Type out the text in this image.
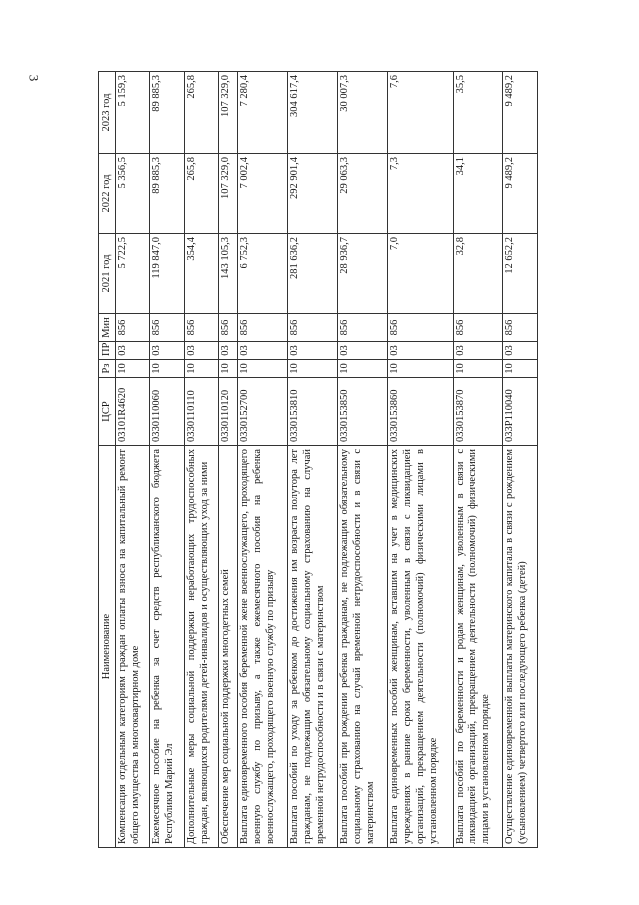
3
Наименование	ЦСР	Рз	ПР	Мин	2021 год	2022 год	2023 год
Компенсация отдельным категориям граждан оплаты взноса на капитальный ремонт общего имущества в многоквартирном доме	03101R4620	10	03	856	5 722,5	5 356,5	5 159,3
Ежемесячное пособие на ребенка за счет средств республиканского бюджета Республики Марий Эл	0330110060	10	03	856	119 847,0	89 885,3	89 885,3
Дополнительные меры социальной поддержки неработающих трудоспособных граждан, являющихся родителями детей-инвалидов и осуществляющих уход за ними	0330110110	10	03	856	354,4	265,8	265,8
Обеспечение мер социальной поддержки многодетных семей	0330110120	10	03	856	143 105,3	107 329,0	107 329,0
Выплата единовременного пособия беременной жене военнослужащего, проходящего военную службу по призыву, а также ежемесячного пособия на ребенка военнослужащего, проходящего военную службу по призыву	0330152700	10	03	856	6 752,3	7 002,4	7 280,4
Выплата пособий по уходу за ребенком до достижения им возраста полутора лет гражданам, не подлежащим обязательному социальному страхованию на случай временной нетрудоспособности и в связи с материнством	0330153810	10	03	856	281 636,2	292 901,4	304 617,4
Выплата пособий при рождении ребенка гражданам, не подлежащим обязательному социальному страхованию на случай временной нетрудоспособности и в связи с материнством	0330153850	10	03	856	28 936,7	29 063,3	30 007,3
Выплата единовременных пособий женщинам, вставшим на учет в медицинских учреждениях в ранние сроки беременности, уволенным в связи с ликвидацией организаций, прекращением деятельности (полномочий) физическими лицами в установленном порядке	0330153860	10	03	856	7,0	7,3	7,6
Выплата пособий по беременности и родам женщинам, уволенным в связи с ликвидацией организаций, прекращением деятельности (полномочий) физическими лицами в установленном порядке	0330153870	10	03	856	32,8	34,1	35,5
Осуществление единовременной выплаты материнского капитала в связи с рождением (усыновлением) четвертого или последующего ребенка (детей)	033P110040	10	03	856	12 652,2	9 489,2	9 489,2
